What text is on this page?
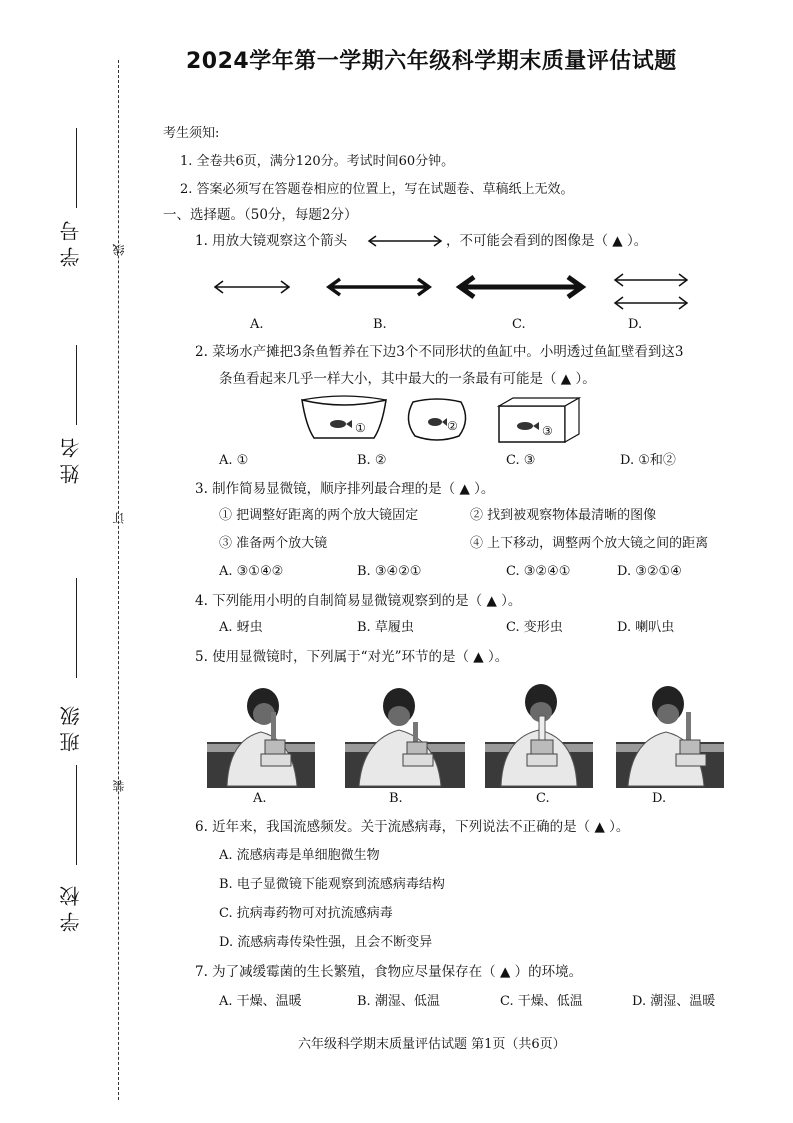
学号 线
姓名
订
班级
装
学校
2024学年第一学期六年级科学期末质量评估试题
考生须知:
1. 全卷共6页，满分120分。考试时间60分钟。
2. 答案必须写在答题卷相应的位置上，写在试题卷、草稿纸上无效。
一、选择题。（50分，每题2分）
1. 用放大镜观察这个箭头	，不可能会看到的图像是（ ▲ ）。
A.	B.	C.	D.
2. 菜场水产摊把3条鱼暂养在下边3个不同形状的鱼缸中。小明透过鱼缸壁看到这3
条鱼看起来几乎一样大小，其中最大的一条最有可能是（ ▲ ）。
①	②	③
A. ①	B. ②	C. ③	D. ①和②
3. 制作简易显微镜，顺序排列最合理的是（ ▲ ）。
① 把调整好距离的两个放大镜固定	② 找到被观察物体最清晰的图像
③ 准备两个放大镜	④ 上下移动，调整两个放大镜之间的距离
A. ③①④②	B. ③④②①	C. ③②④①	D. ③②①④
4. 下列能用小明的自制简易显微镜观察到的是（ ▲ ）。
A. 蚜虫	B. 草履虫	C. 变形虫	D. 喇叭虫
5. 使用显微镜时，下列属于“对光”环节的是（ ▲ ）。
A.	B.	C.	D.
6. 近年来，我国流感频发。关于流感病毒，下列说法不正确的是（ ▲ ）。
A. 流感病毒是单细胞微生物
B. 电子显微镜下能观察到流感病毒结构
C. 抗病毒药物可对抗流感病毒
D. 流感病毒传染性强，且会不断变异
7. 为了减缓霉菌的生长繁殖，食物应尽量保存在（ ▲ ）的环境。
A. 干燥、温暖	B. 潮湿、低温	C. 干燥、低温	D. 潮湿、温暖
六年级科学期末质量评估试题 第1页（共6页）
